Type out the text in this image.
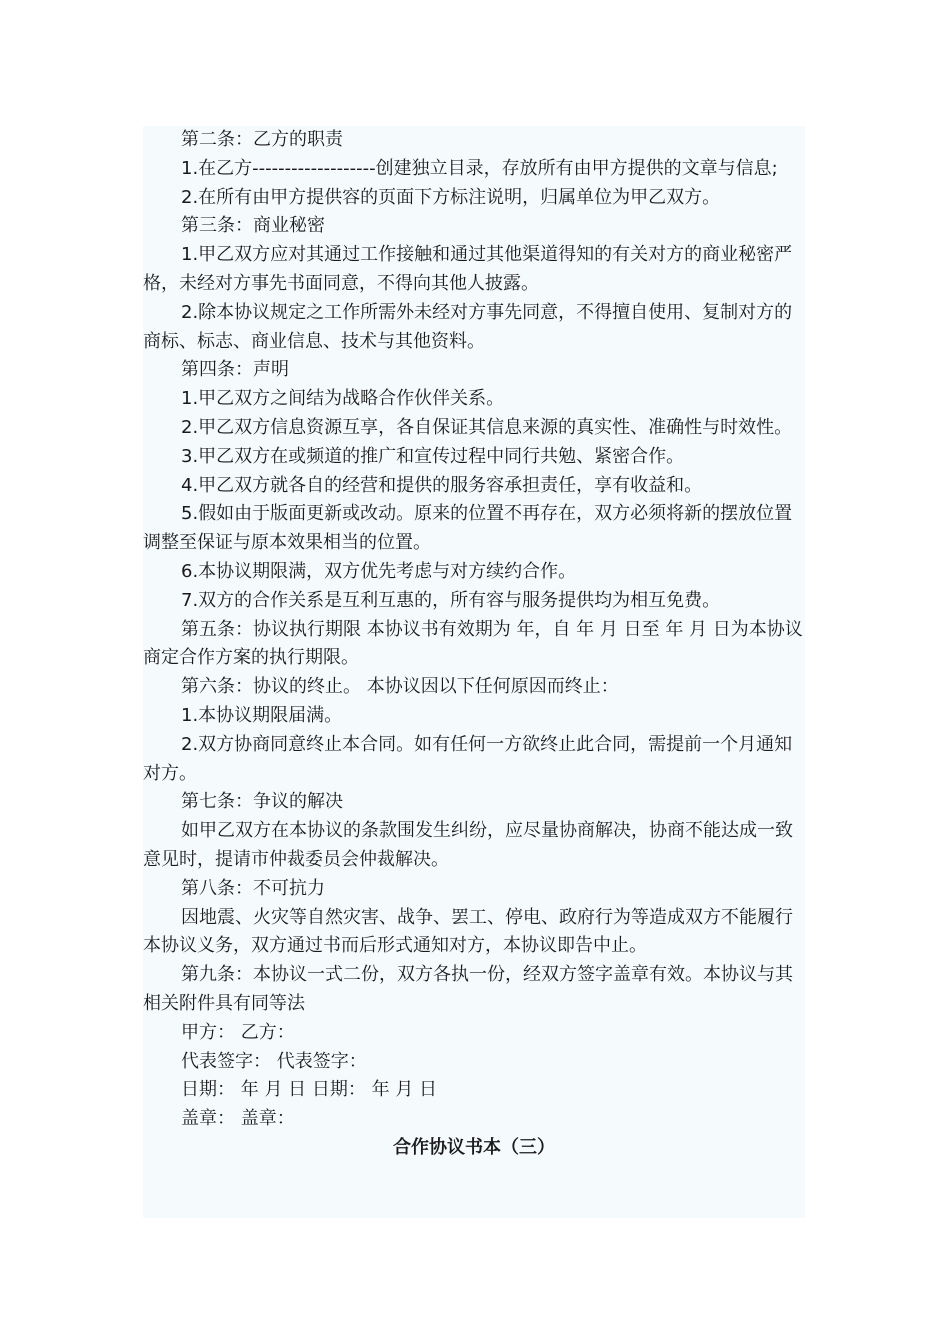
第二条：乙方的职责

1.在乙方-------------------创建独立目录，存放所有由甲方提供的文章与信息;

2.在所有由甲方提供容的页面下方标注说明，归属单位为甲乙双方。

第三条：商业秘密

1.甲乙双方应对其通过工作接触和通过其他渠道得知的有关对方的商业秘密严格，未经对方事先书面同意，不得向其他人披露。

2.除本协议规定之工作所需外未经对方事先同意，不得擅自使用、复制对方的商标、标志、商业信息、技术与其他资料。

第四条：声明

1.甲乙双方之间结为战略合作伙伴关系。

2.甲乙双方信息资源互享，各自保证其信息来源的真实性、准确性与时效性。

3.甲乙双方在或频道的推广和宣传过程中同行共勉、紧密合作。

4.甲乙双方就各自的经营和提供的服务容承担责任，享有收益和。

5.假如由于版面更新或改动。原来的位置不再存在，双方必须将新的摆放位置调整至保证与原本效果相当的位置。

6.本协议期限满，双方优先考虑与对方续约合作。

7.双方的合作关系是互利互惠的，所有容与服务提供均为相互免费。

第五条：协议执行期限 本协议书有效期为 年，自 年 月 日至 年 月 日为本协议商定合作方案的执行期限。

第六条：协议的终止。 本协议因以下任何原因而终止：

1.本协议期限届满。

2.双方协商同意终止本合同。如有任何一方欲终止此合同，需提前一个月通知对方。

第七条：争议的解决

如甲乙双方在本协议的条款围发生纠纷，应尽量协商解决，协商不能达成一致意见时，提请市仲裁委员会仲裁解决。

第八条：不可抗力

因地震、火灾等自然灾害、战争、罢工、停电、政府行为等造成双方不能履行本协议义务，双方通过书而后形式通知对方，本协议即告中止。

第九条：本协议一式二份，双方各执一份，经双方签字盖章有效。本协议与其相关附件具有同等法

甲方： 乙方：

代表签字： 代表签字：

日期： 年 月 日 日期： 年 月 日

盖章： 盖章：

合作协议书本（三）
